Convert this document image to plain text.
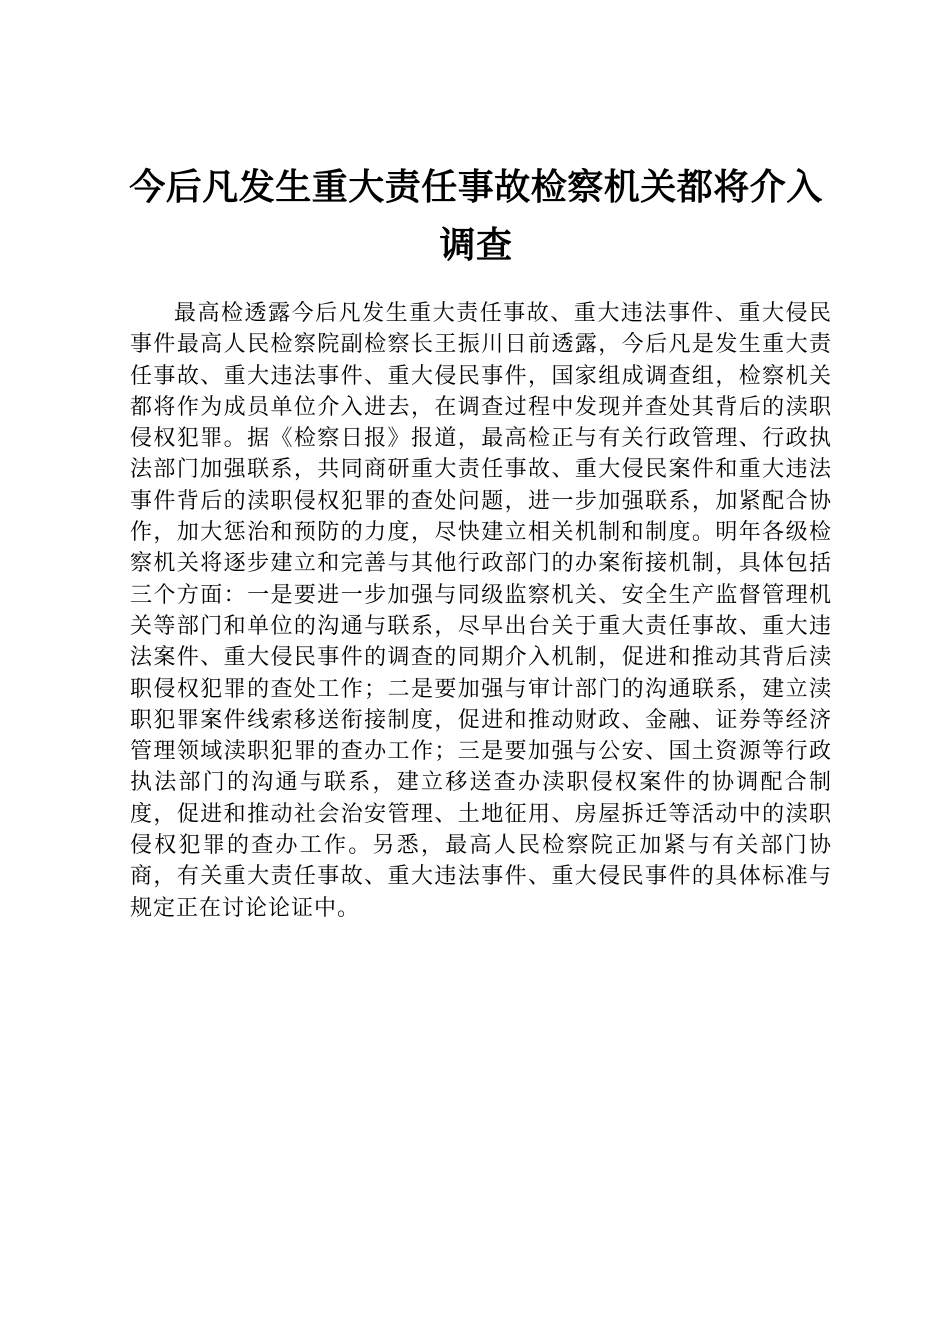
今后凡发生重大责任事故检察机关都将介入调查

最高检透露今后凡发生重大责任事故、重大违法事件、重大侵民事件最高人民检察院副检察长王振川日前透露，今后凡是发生重大责任事故、重大违法事件、重大侵民事件，国家组成调查组，检察机关都将作为成员单位介入进去，在调查过程中发现并查处其背后的渎职侵权犯罪。据《检察日报》报道，最高检正与有关行政管理、行政执法部门加强联系，共同商研重大责任事故、重大侵民案件和重大违法事件背后的渎职侵权犯罪的查处问题，进一步加强联系，加紧配合协作，加大惩治和预防的力度，尽快建立相关机制和制度。明年各级检察机关将逐步建立和完善与其他行政部门的办案衔接机制，具体包括三个方面：一是要进一步加强与同级监察机关、安全生产监督管理机关等部门和单位的沟通与联系，尽早出台关于重大责任事故、重大违法案件、重大侵民事件的调查的同期介入机制，促进和推动其背后渎职侵权犯罪的查处工作；二是要加强与审计部门的沟通联系，建立渎职犯罪案件线索移送衔接制度，促进和推动财政、金融、证券等经济管理领域渎职犯罪的查办工作；三是要加强与公安、国土资源等行政执法部门的沟通与联系，建立移送查办渎职侵权案件的协调配合制度，促进和推动社会治安管理、土地征用、房屋拆迁等活动中的渎职侵权犯罪的查办工作。另悉，最高人民检察院正加紧与有关部门协商，有关重大责任事故、重大违法事件、重大侵民事件的具体标准与规定正在讨论论证中。
